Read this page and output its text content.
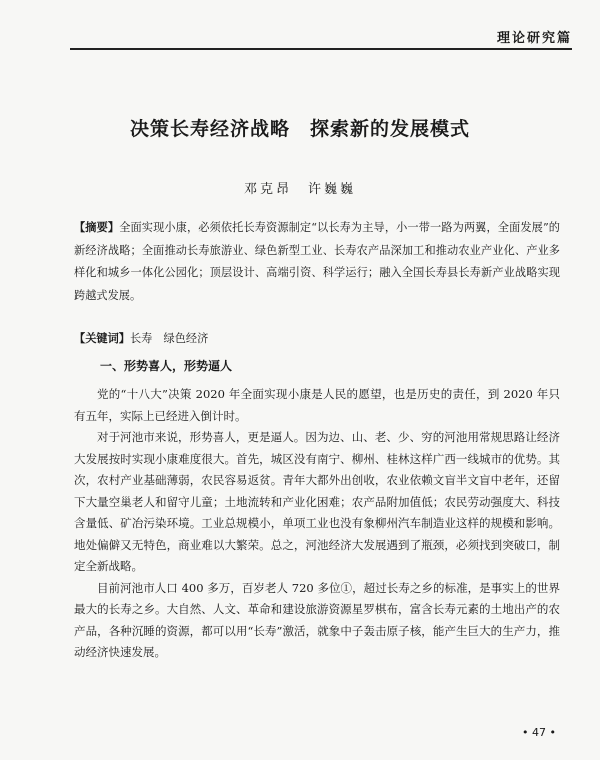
理论研究篇
决策长寿经济战略　探索新的发展模式
邓克昂　许巍巍
【摘要】全面实现小康，必须依托长寿资源制定“以长寿为主导，小一带一路为两翼，全面发展”的新经济战略；全面推动长寿旅游业、绿色新型工业、长寿农产品深加工和推动农业产业化、产业多样化和城乡一体化公园化；顶层设计、高端引资、科学运行；融入全国长寿县长寿新产业战略实现跨越式发展。
【关键词】长寿　绿色经济
一、形势喜人，形势逼人

党的“十八大”决策 2020 年全面实现小康是人民的愿望，也是历史的责任，到 2020 年只有五年，实际上已经进入倒计时。

对于河池市来说，形势喜人，更是逼人。因为边、山、老、少、穷的河池用常规思路让经济大发展按时实现小康难度很大。首先，城区没有南宁、柳州、桂林这样广西一线城市的优势。其次，农村产业基础薄弱，农民容易返贫。青年大都外出创收，农业依赖文盲半文盲中老年，还留下大量空巢老人和留守儿童；土地流转和产业化困难；农产品附加值低；农民劳动强度大、科技含量低、矿冶污染环境。工业总规模小，单项工业也没有象柳州汽车制造业这样的规模和影响。地处偏僻又无特色，商业难以大繁荣。总之，河池经济大发展遇到了瓶颈，必须找到突破口，制定全新战略。

目前河池市人口 400 多万，百岁老人 720 多位①，超过长寿之乡的标准，是事实上的世界最大的长寿之乡。大自然、人文、革命和建设旅游资源星罗棋布，富含长寿元素的土地出产的农产品，各种沉睡的资源，都可以用“长寿”激活，就象中子轰击原子核，能产生巨大的生产力，推动经济快速发展。

• 47 •
